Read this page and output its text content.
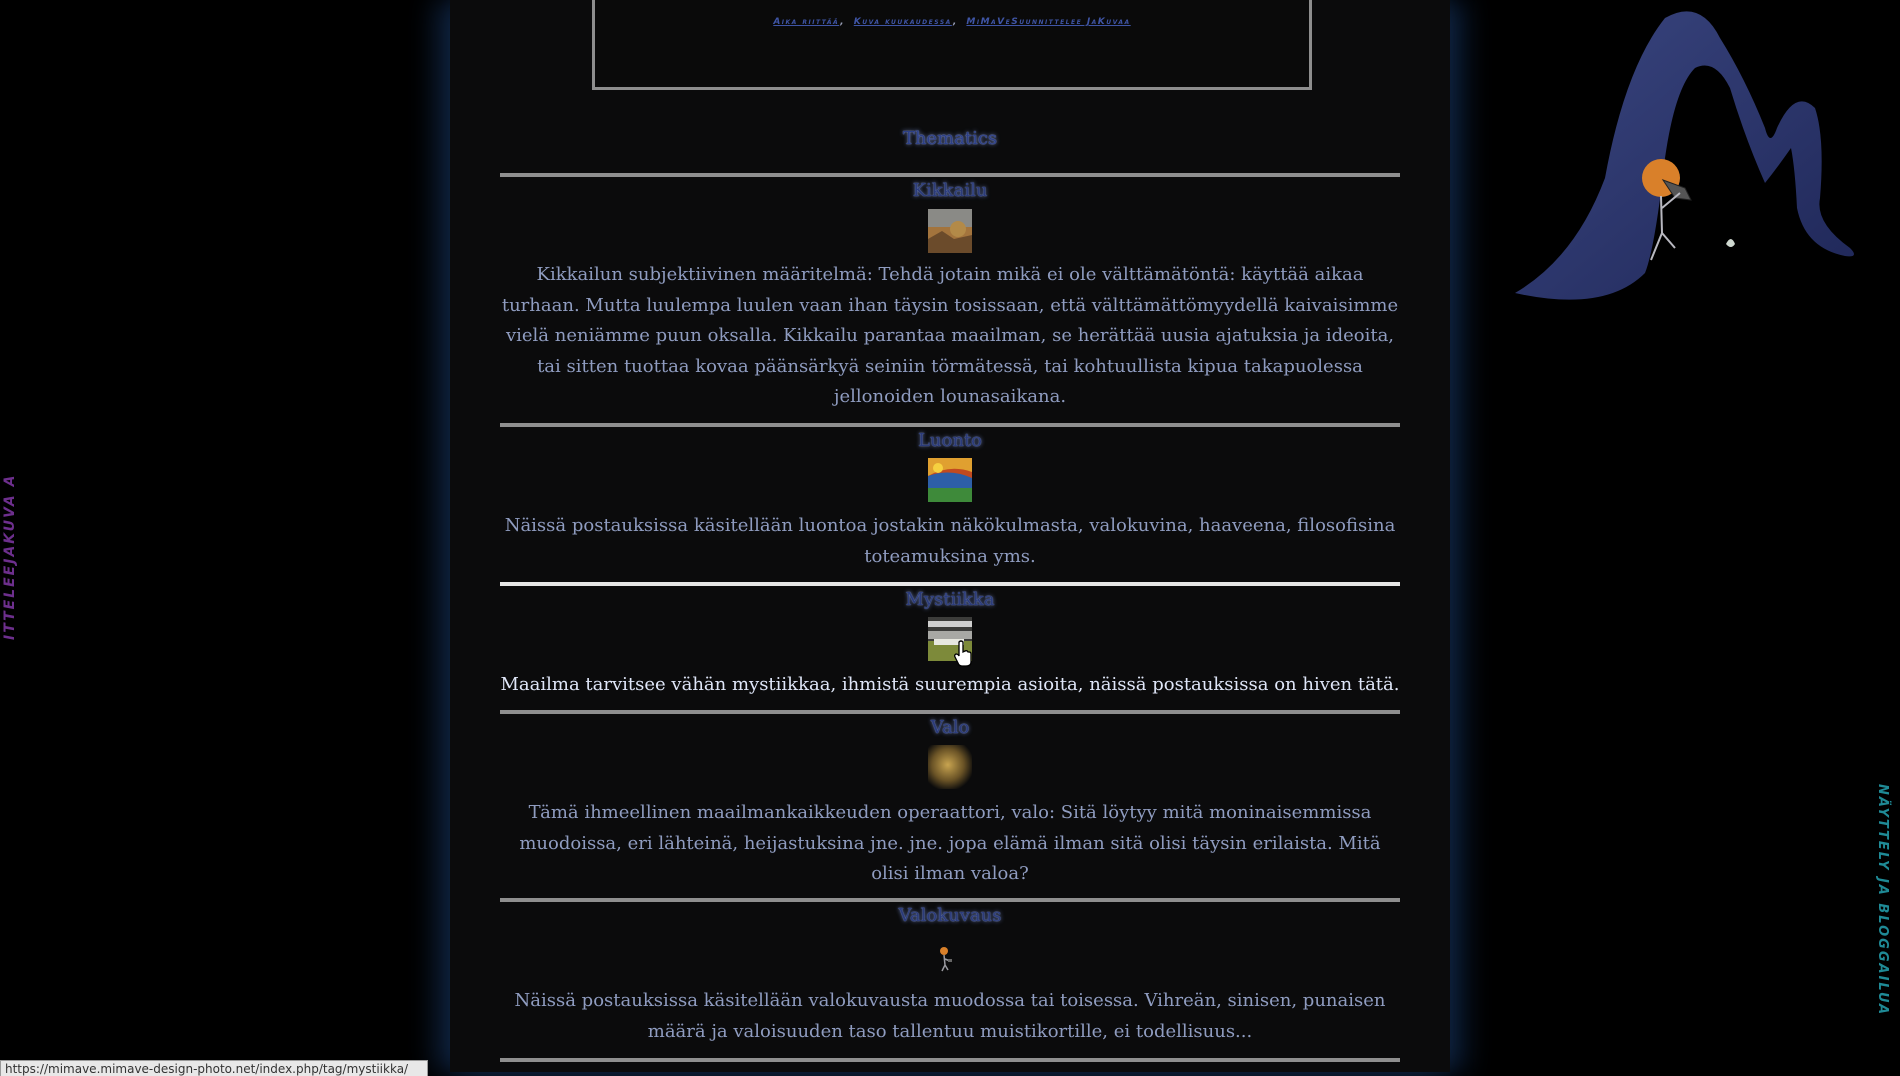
Aika riittää, Kuva kuukaudessa, MiMaVeSuunnittelee JaKuvaa
Thematics
Kikkailu
Kikkailun subjektiivinen määritelmä: Tehdä jotain mikä ei ole välttämätöntä: käyttää aikaa turhaan. Mutta luulempa luulen vaan ihan täysin tosissaan, että välttämättömyydellä kaivaisimme vielä neniämme puun oksalla. Kikkailu parantaa maailman, se herättää uusia ajatuksia ja ideoita, tai sitten tuottaa kovaa päänsärkyä seiniin törmätessä, tai kohtuullista kipua takapuolessa jellonoiden lounasaikana.
Luonto
Näissä postauksissa käsitellään luontoa jostakin näkökulmasta, valokuvina, haaveena, filosofisina toteamuksina yms.
Mystiikka
Maailma tarvitsee vähän mystiikkaa, ihmistä suurempia asioita, näissä postauksissa on hiven tätä.
Valo
Tämä ihmeellinen maailmankaikkeuden operaattori, valo: Sitä löytyy mitä moninaisemmissa muodoissa, eri lähteinä, heijastuksina jne. jne. jopa elämä ilman sitä olisi täysin erilaista. Mitä olisi ilman valoa?
Valokuvaus
Näissä postauksissa käsitellään valokuvausta muodossa tai toisessa. Vihreän, sinisen, punaisen määrä ja valoisuuden taso tallentuu muistikortille, ei todellisuus...
ITTELEEJAKUVA A
NÄYTTELY JA BLOGGAILUA
https://mimave.mimave-design-photo.net/index.php/tag/mystiikka/
